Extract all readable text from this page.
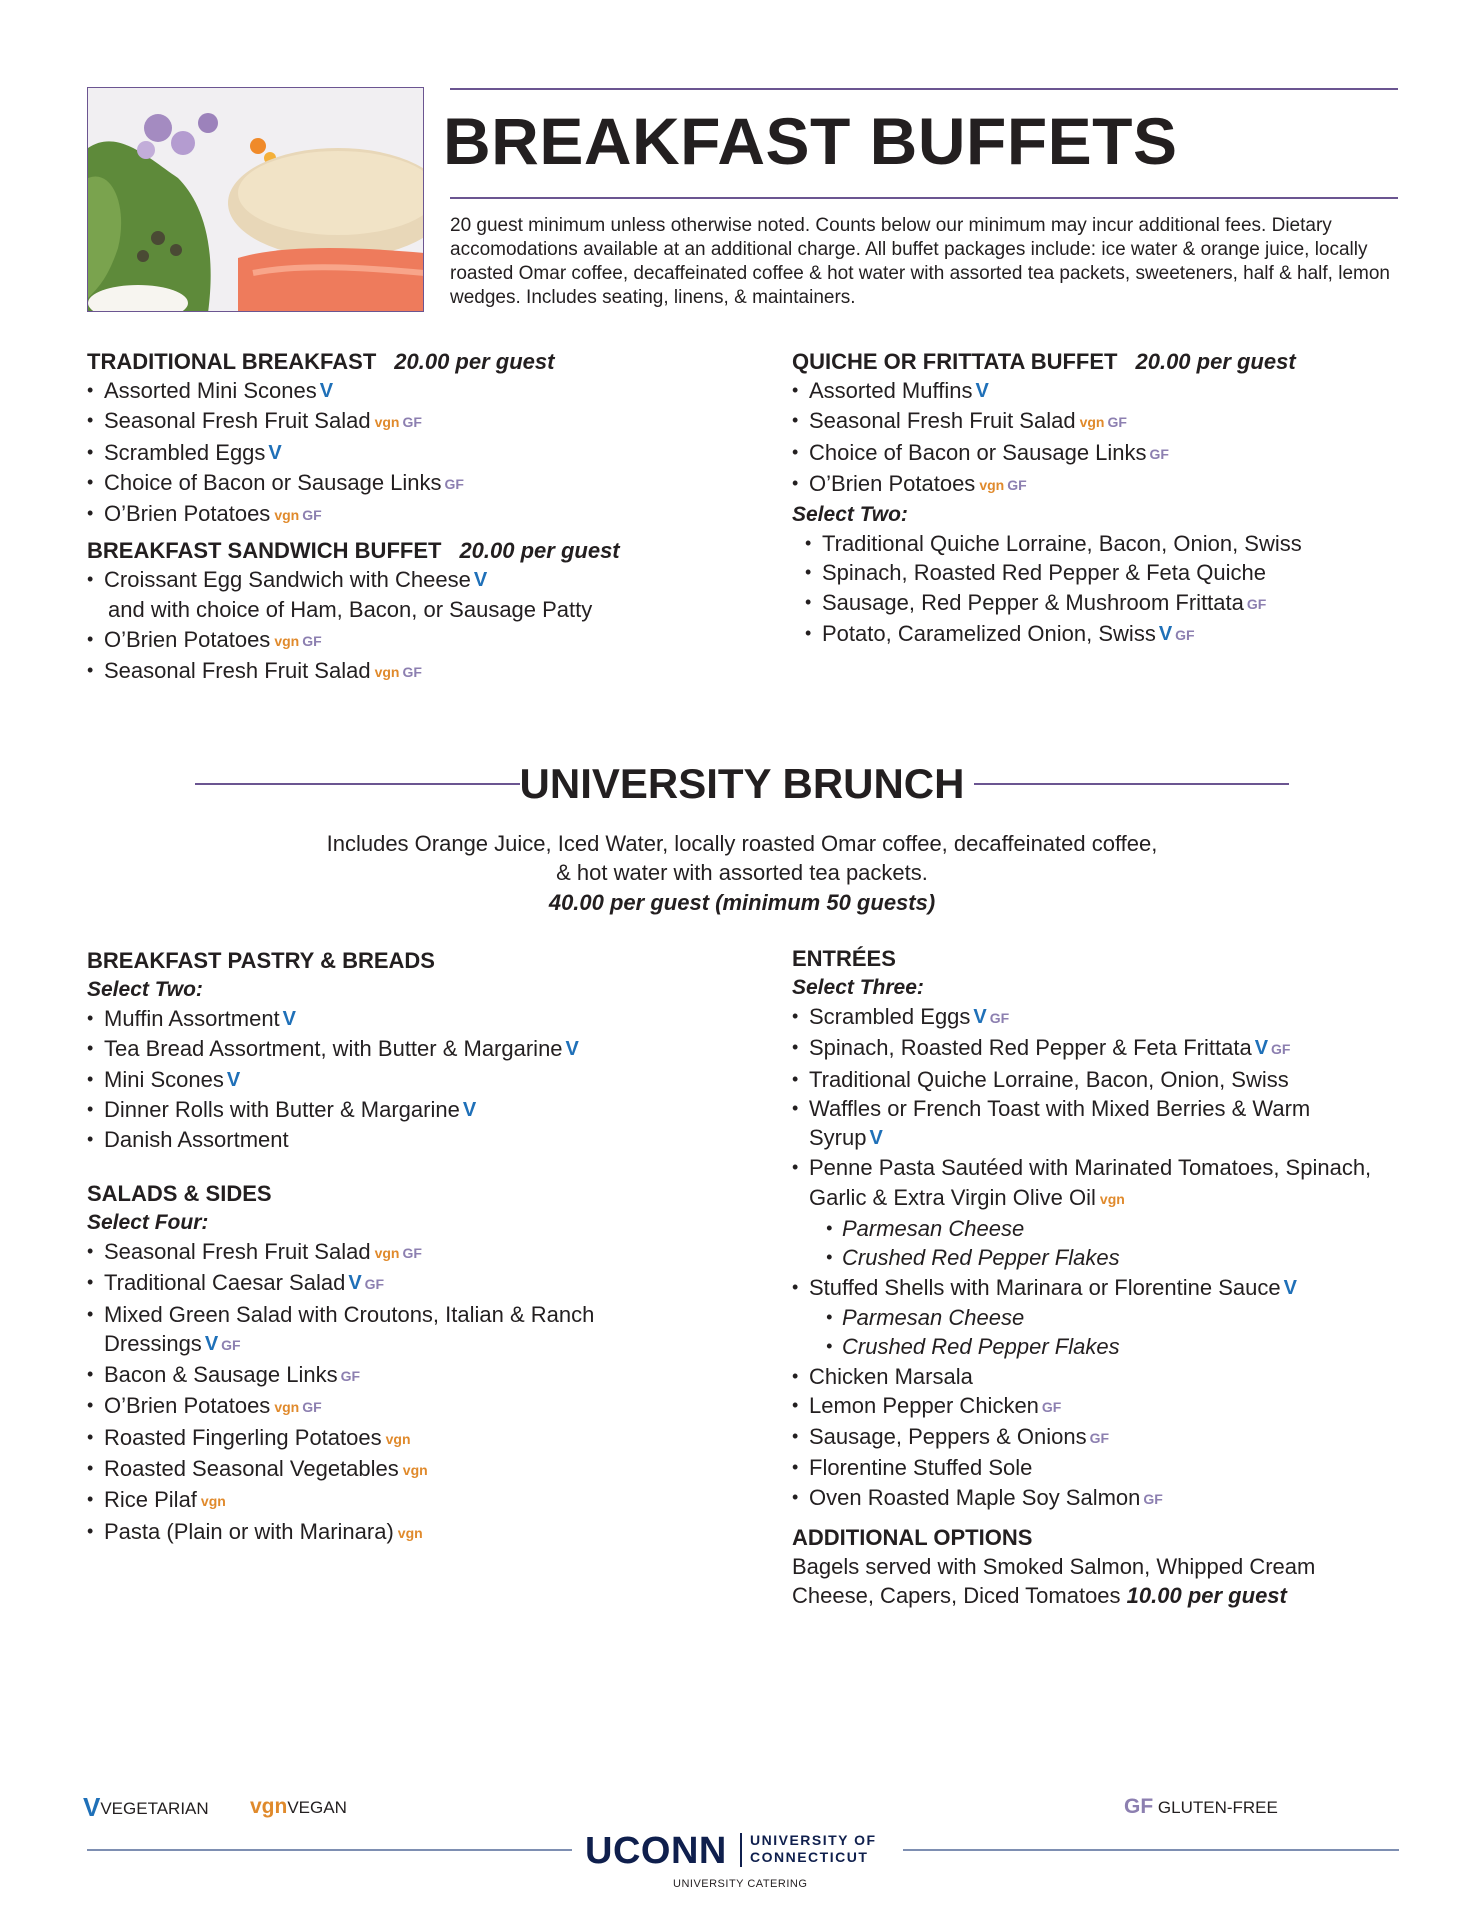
BREAKFAST BUFFETS
20 guest minimum unless otherwise noted. Counts below our minimum may incur additional fees. Dietary accomodations available at an additional charge. All buffet packages include: ice water & orange juice, locally roasted Omar coffee, decaffeinated coffee & hot water with assorted tea packets, sweeteners, half & half, lemon wedges. Includes seating, linens, & maintainers.
TRADITIONAL BREAKFAST 20.00 per guest
• Assorted Mini Scones V
• Seasonal Fresh Fruit Salad vgn GF
• Scrambled Eggs V
• Choice of Bacon or Sausage Links GF
• O’Brien Potatoes vgn GF
BREAKFAST SANDWICH BUFFET 20.00 per guest
• Croissant Egg Sandwich with Cheese V
and with choice of Ham, Bacon, or Sausage Patty
• O’Brien Potatoes vgn GF
• Seasonal Fresh Fruit Salad vgn GF
QUICHE OR FRITTATA BUFFET 20.00 per guest
• Assorted Muffins V
• Seasonal Fresh Fruit Salad vgn GF
• Choice of Bacon or Sausage Links GF
• O’Brien Potatoes vgn GF
Select Two:
• Traditional Quiche Lorraine, Bacon, Onion, Swiss
• Spinach, Roasted Red Pepper & Feta Quiche
• Sausage, Red Pepper & Mushroom Frittata GF
• Potato, Caramelized Onion, Swiss V GF
UNIVERSITY BRUNCH
Includes Orange Juice, Iced Water, locally roasted Omar coffee, decaffeinated coffee,
& hot water with assorted tea packets.
40.00 per guest (minimum 50 guests)
BREAKFAST PASTRY & BREADS
Select Two:
• Muffin Assortment V
• Tea Bread Assortment, with Butter & Margarine V
• Mini Scones V
• Dinner Rolls with Butter & Margarine V
• Danish Assortment
SALADS & SIDES
Select Four:
• Seasonal Fresh Fruit Salad vgn GF
• Traditional Caesar Salad V GF
• Mixed Green Salad with Croutons, Italian & Ranch
Dressings V GF
• Bacon & Sausage Links GF
• O’Brien Potatoes vgn GF
• Roasted Fingerling Potatoes vgn
• Roasted Seasonal Vegetables vgn
• Rice Pilaf vgn
• Pasta (Plain or with Marinara) vgn
ENTRÉES
Select Three:
• Scrambled Eggs V GF
• Spinach, Roasted Red Pepper & Feta Frittata V GF
• Traditional Quiche Lorraine, Bacon, Onion, Swiss
• Waffles or French Toast with Mixed Berries & Warm
Syrup V
• Penne Pasta Sautéed with Marinated Tomatoes, Spinach,
Garlic & Extra Virgin Olive Oil vgn
• Parmesan Cheese
• Crushed Red Pepper Flakes
• Stuffed Shells with Marinara or Florentine Sauce V
• Parmesan Cheese
• Crushed Red Pepper Flakes
• Chicken Marsala
• Lemon Pepper Chicken GF
• Sausage, Peppers & Onions GF
• Florentine Stuffed Sole
• Oven Roasted Maple Soy Salmon GF
ADDITIONAL OPTIONS
Bagels served with Smoked Salmon, Whipped Cream
Cheese, Capers, Diced Tomatoes 10.00 per guest
VVEGETARIAN vgnVEGAN	GF GLUTEN-FREE
UCONN UNIVERSITY OF
CONNECTICUT
UNIVERSITY CATERING
